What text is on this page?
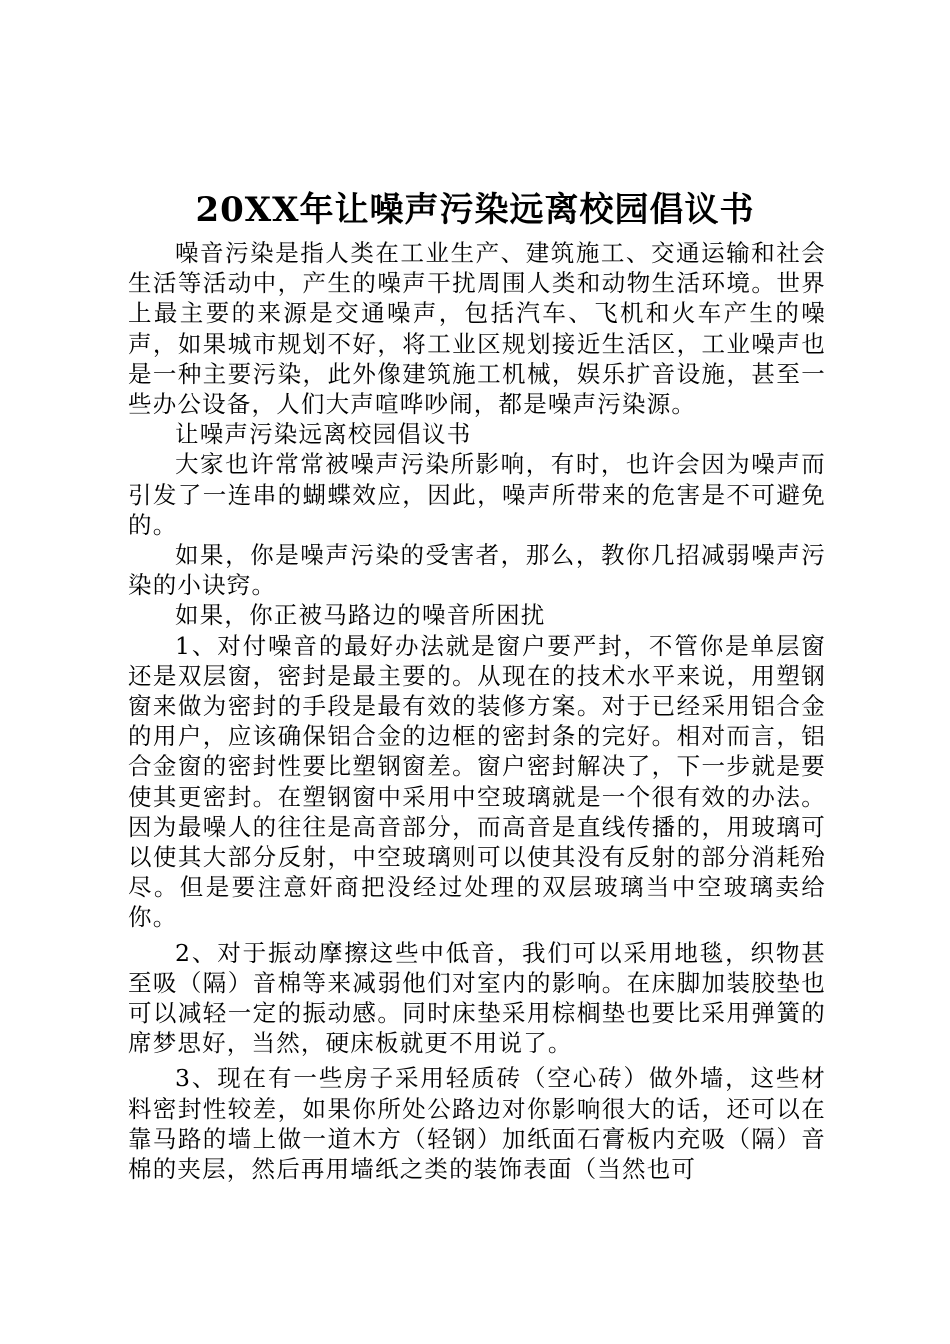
20XX年让噪声污染远离校园倡议书

噪音污染是指人类在工业生产、建筑施工、交通运输和社会生活等活动中，产生的噪声干扰周围人类和动物生活环境。世界上最主要的来源是交通噪声，包括汽车、飞机和火车产生的噪声，如果城市规划不好，将工业区规划接近生活区，工业噪声也是一种主要污染，此外像建筑施工机械，娱乐扩音设施，甚至一些办公设备，人们大声喧哗吵闹，都是噪声污染源。

让噪声污染远离校园倡议书

大家也许常常被噪声污染所影响，有时，也许会因为噪声而引发了一连串的蝴蝶效应，因此，噪声所带来的危害是不可避免的。

如果，你是噪声污染的受害者，那么，教你几招减弱噪声污染的小诀窍。

如果，你正被马路边的噪音所困扰

1、对付噪音的最好办法就是窗户要严封，不管你是单层窗还是双层窗，密封是最主要的。从现在的技术水平来说，用塑钢窗来做为密封的手段是最有效的装修方案。对于已经采用铝合金的用户，应该确保铝合金的边框的密封条的完好。相对而言，铝合金窗的密封性要比塑钢窗差。窗户密封解决了，下一步就是要使其更密封。在塑钢窗中采用中空玻璃就是一个很有效的办法。因为最噪人的往往是高音部分，而高音是直线传播的，用玻璃可以使其大部分反射，中空玻璃则可以使其没有反射的部分消耗殆尽。但是要注意奸商把没经过处理的双层玻璃当中空玻璃卖给你。

2、对于振动摩擦这些中低音，我们可以采用地毯，织物甚至吸（隔）音棉等来减弱他们对室内的影响。在床脚加装胶垫也可以减轻一定的振动感。同时床垫采用棕榈垫也要比采用弹簧的席梦思好，当然，硬床板就更不用说了。

3、现在有一些房子采用轻质砖（空心砖）做外墙，这些材料密封性较差，如果你所处公路边对你影响很大的话，还可以在靠马路的墙上做一道木方（轻钢）加纸面石膏板内充吸（隔）音棉的夹层，然后再用墙纸之类的装饰表面（当然也可
